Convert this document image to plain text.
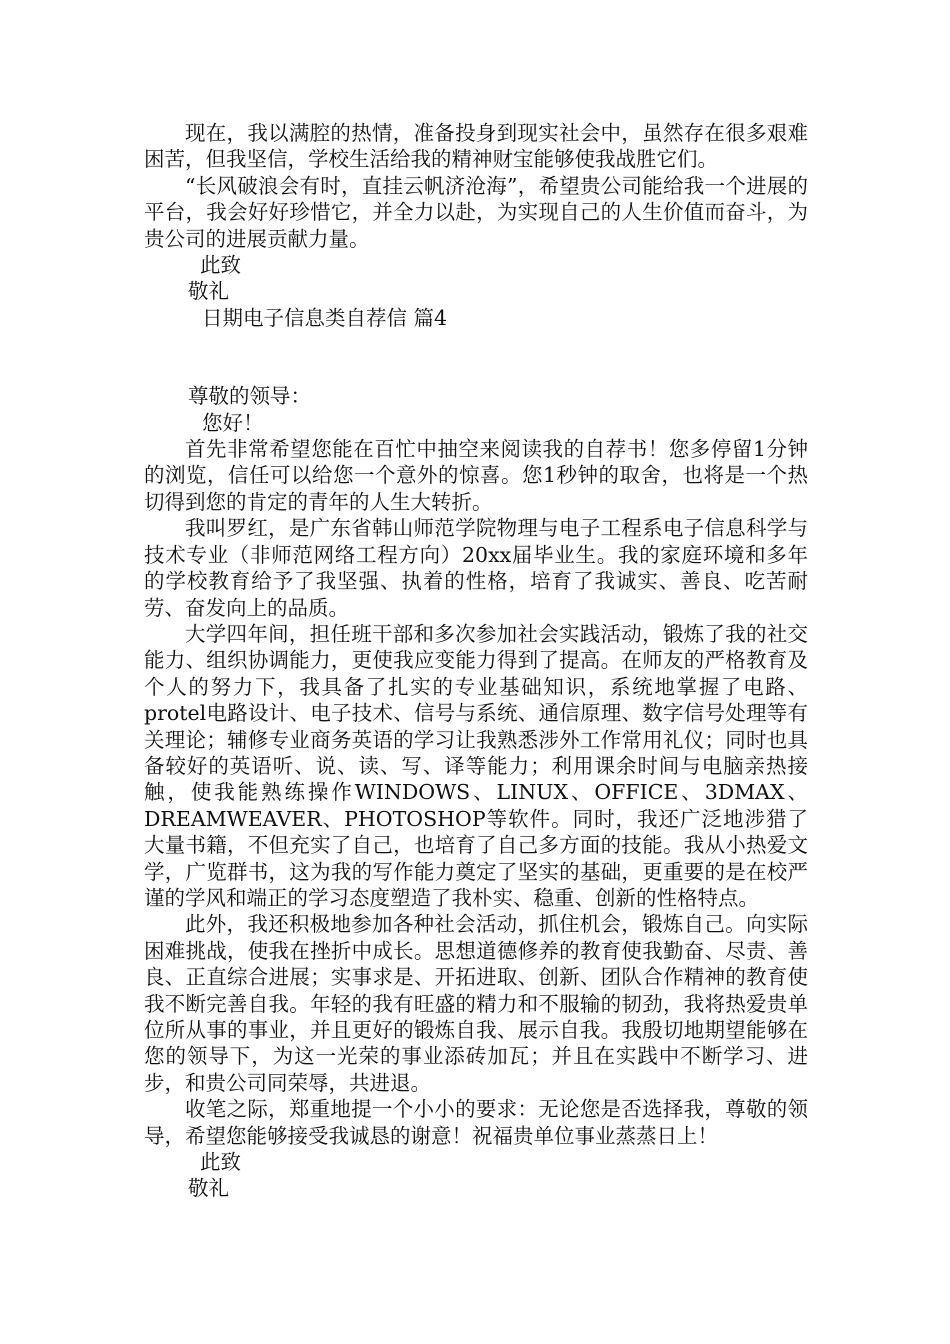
现在，我以满腔的热情，准备投身到现实社会中，虽然存在很多艰难困苦，但我坚信，学校生活给我的精神财宝能够使我战胜它们。

“长风破浪会有时，直挂云帆济沧海”，希望贵公司能给我一个进展的平台，我会好好珍惜它，并全力以赴，为实现自己的人生价值而奋斗，为贵公司的进展贡献力量。

此致

敬礼

日期电子信息类自荐信 篇4

尊敬的领导：

您好！

首先非常希望您能在百忙中抽空来阅读我的自荐书！您多停留1分钟的浏览，信任可以给您一个意外的惊喜。您1秒钟的取舍，也将是一个热切得到您的肯定的青年的人生大转折。

我叫罗红，是广东省韩山师范学院物理与电子工程系电子信息科学与技术专业（非师范网络工程方向）20xx届毕业生。我的家庭环境和多年的学校教育给予了我坚强、执着的性格，培育了我诚实、善良、吃苦耐劳、奋发向上的品质。

大学四年间，担任班干部和多次参加社会实践活动，锻炼了我的社交能力、组织协调能力，更使我应变能力得到了提高。在师友的严格教育及个人的努力下，我具备了扎实的专业基础知识，系统地掌握了电路、protel电路设计、电子技术、信号与系统、通信原理、数字信号处理等有关理论；辅修专业商务英语的学习让我熟悉涉外工作常用礼仪；同时也具备较好的英语听、说、读、写、译等能力；利用课余时间与电脑亲热接触，使我能熟练操作WINDOWS、LINUX、OFFICE、3DMAX、DREAMWEAVER、PHOTOSHOP等软件。同时，我还广泛地涉猎了大量书籍，不但充实了自己，也培育了自己多方面的技能。我从小热爱文学，广览群书，这为我的写作能力奠定了坚实的基础，更重要的是在校严谨的学风和端正的学习态度塑造了我朴实、稳重、创新的性格特点。

此外，我还积极地参加各种社会活动，抓住机会，锻炼自己。向实际困难挑战，使我在挫折中成长。思想道德修养的教育使我勤奋、尽责、善良、正直综合进展；实事求是、开拓进取、创新、团队合作精神的教育使我不断完善自我。年轻的我有旺盛的精力和不服输的韧劲，我将热爱贵单位所从事的事业，并且更好的锻炼自我、展示自我。我殷切地期望能够在您的领导下，为这一光荣的事业添砖加瓦；并且在实践中不断学习、进步，和贵公司同荣辱，共进退。

收笔之际，郑重地提一个小小的要求：无论您是否选择我，尊敬的领导，希望您能够接受我诚恳的谢意！祝福贵单位事业蒸蒸日上！

此致

敬礼
